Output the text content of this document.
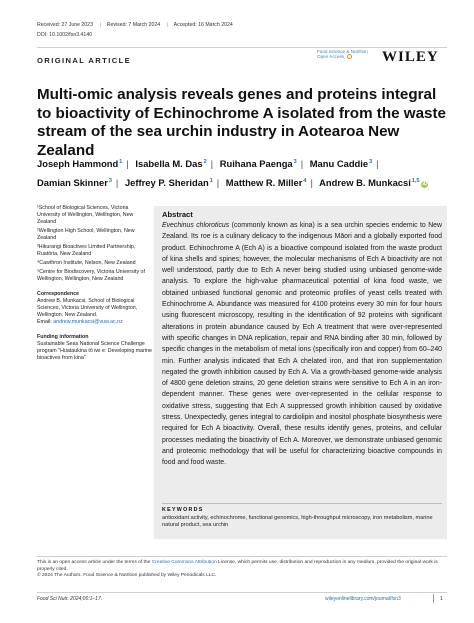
Received: 27 June 2023 | Revised: 7 March 2024 | Accepted: 16 March 2024
DOI: 10.1002/fsn3.4140
ORIGINAL ARTICLE
Food Science & Nutrition
Open Access	WILEY
Multi-omic analysis reveals genes and proteins integral to bioactivity of Echinochrome A isolated from the waste stream of the sea urchin industry in Aotearoa New Zealand
Joseph Hammond$^1$ | Isabella M. Das$^2$ | Ruihana Paenga$^3$ | Manu Caddie$^3$ |
Damian Skinner$^3$ | Jeffrey P. Sheridan$^1$ | Matthew R. Miller$^4$ | Andrew B. Munkacsi$^{1,5}$iD
¹School of Biological Sciences, Victoria University of Wellington, Wellington, New Zealand
²Wellington High School, Wellington, New Zealand
³Hikurangi Bioactives Limited Partnership, Ruatōria, New Zealand
⁴Cawthron Institute, Nelson, New Zealand
⁵Centre for Biodiscovery, Victoria University of Wellington, Wellington, New Zealand
Correspondence
Andrew B. Munkacsi, School of Biological Sciences, Victoria University of Wellington, Wellington, New Zealand.
Email: andrew.munkacsi@vuw.ac.nz
Funding information
Sustainable Seas National Science Challenge program "Huataukina tō iwi e: Developing marine bioactives from kina"
Abstract

Evechinus chloroticus (commonly known as kina) is a sea urchin species endemic to New Zealand. Its roe is a culinary delicacy to the indigenous Māori and a globally exported food product. Echinochrome A (Ech A) is a bioactive compound isolated from the waste product of kina shells and spines; however, the molecular mechanisms of Ech A bioactivity are not well understood, partly due to Ech A never being studied using unbiased genome-wide analysis. To explore the high-value pharmaceutical potential of kina food waste, we obtained unbiased functional genomic and proteomic profiles of yeast cells treated with Echinochrome A. Abundance was measured for 4100 proteins every 30 min for four hours using fluorescent microscopy, resulting in the identification of 92 proteins with significant alterations in protein abundance caused by Ech A treatment that were over-represented with specific changes in DNA replication, repair and RNA binding after 30 min, followed by specific changes in the metabolism of metal ions (specifically iron and copper) from 60–240 min. Further analysis indicated that Ech A chelated iron, and that iron supplementation negated the growth inhibition caused by Ech A. Via a growth-based genome-wide analysis of 4800 gene deletion strains, 20 gene deletion strains were sensitive to Ech A in an iron-dependent manner. These genes were over-represented in the cellular response to oxidative stress, suggesting that Ech A suppressed growth inhibition caused by oxidative stress. Unexpectedly, genes integral to cardiolipin and inositol phosphate biosynthesis were required for Ech A bioactivity. Overall, these results identify genes, proteins, and cellular processes mediating the bioactivity of Ech A. Moreover, we demonstrate unbiased genomic and proteomic methodology that will be useful for characterizing bioactive compounds in food and food waste.

KEYWORDS
antioxidant activity, echinochrome, functional genomics, high-throughput microscopy, iron metabolism, marine natural product, sea urchin
This is an open access article under the terms of the Creative Commons Attribution License, which permits use, distribution and reproduction in any medium, provided the original work is properly cited.
© 2024 The Authors. Food Science & Nutrition published by Wiley Periodicals LLC.
Food Sci Nutr. 2024;00:1–17.	wileyonlinelibrary.com/journal/fsn3	1
